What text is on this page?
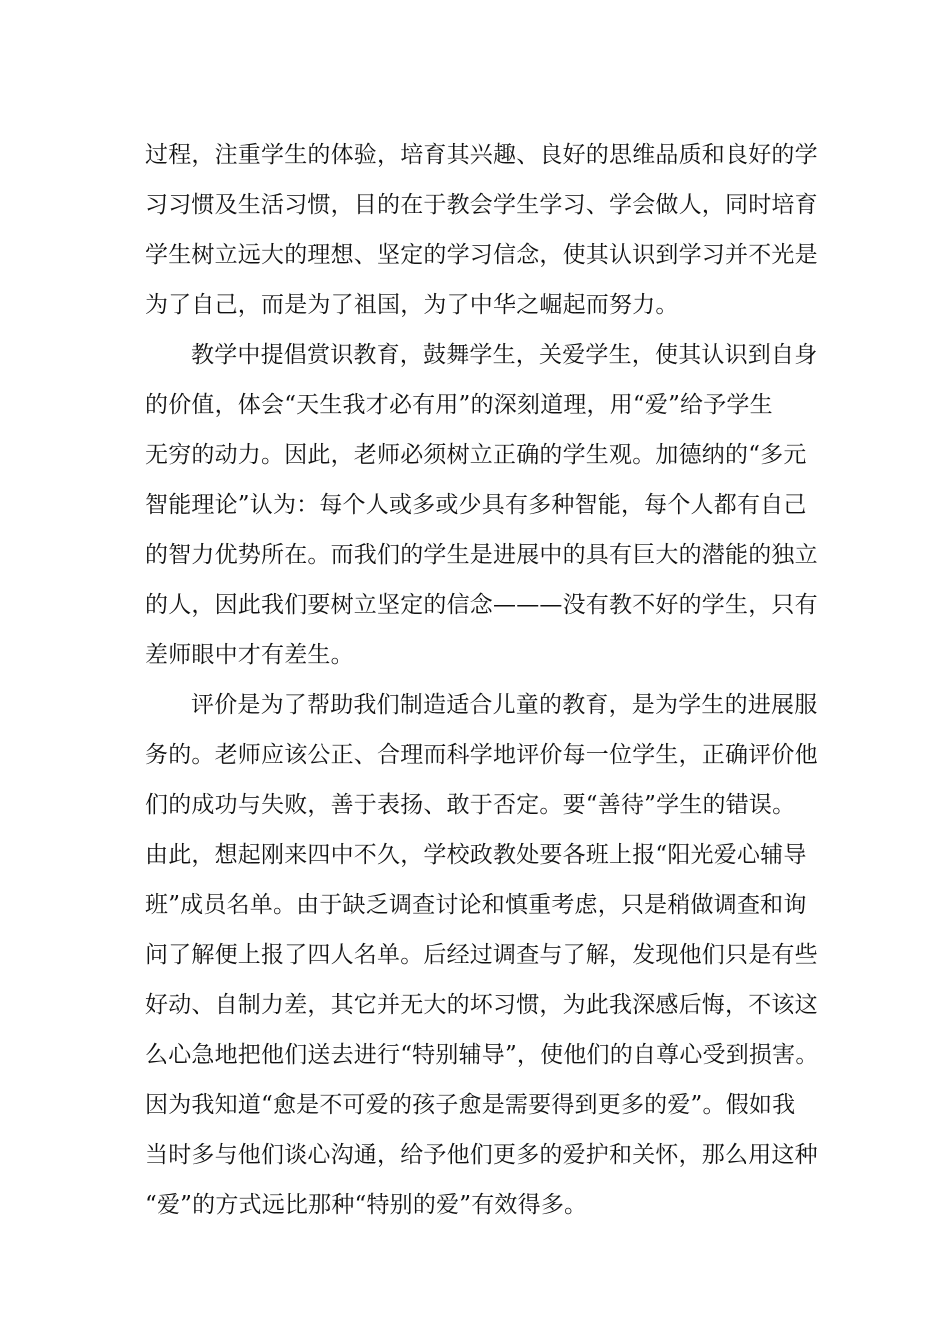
过程，注重学生的体验，培育其兴趣、良好的思维品质和良好的学
习习惯及生活习惯，目的在于教会学生学习、学会做人，同时培育
学生树立远大的理想、坚定的学习信念，使其认识到学习并不光是
为了自己，而是为了祖国，为了中华之崛起而努力。
教学中提倡赏识教育，鼓舞学生，关爱学生，使其认识到自身
的价值，体会“天生我才必有用”的深刻道理，用“爱”给予学生
无穷的动力。因此，老师必须树立正确的学生观。加德纳的“多元
智能理论”认为：每个人或多或少具有多种智能，每个人都有自己
的智力优势所在。而我们的学生是进展中的具有巨大的潜能的独立
的人，因此我们要树立坚定的信念———没有教不好的学生，只有
差师眼中才有差生。
评价是为了帮助我们制造适合儿童的教育，是为学生的进展服
务的。老师应该公正、合理而科学地评价每一位学生，正确评价他
们的成功与失败，善于表扬、敢于否定。要“善待”学生的错误。
由此，想起刚来四中不久，学校政教处要各班上报“阳光爱心辅导
班”成员名单。由于缺乏调查讨论和慎重考虑，只是稍做调查和询
问了解便上报了四人名单。后经过调查与了解，发现他们只是有些
好动、自制力差，其它并无大的坏习惯，为此我深感后悔，不该这
么心急地把他们送去进行“特别辅导”，使他们的自尊心受到损害。
因为我知道“愈是不可爱的孩子愈是需要得到更多的爱”。假如我
当时多与他们谈心沟通，给予他们更多的爱护和关怀，那么用这种
“爱”的方式远比那种“特别的爱”有效得多。
